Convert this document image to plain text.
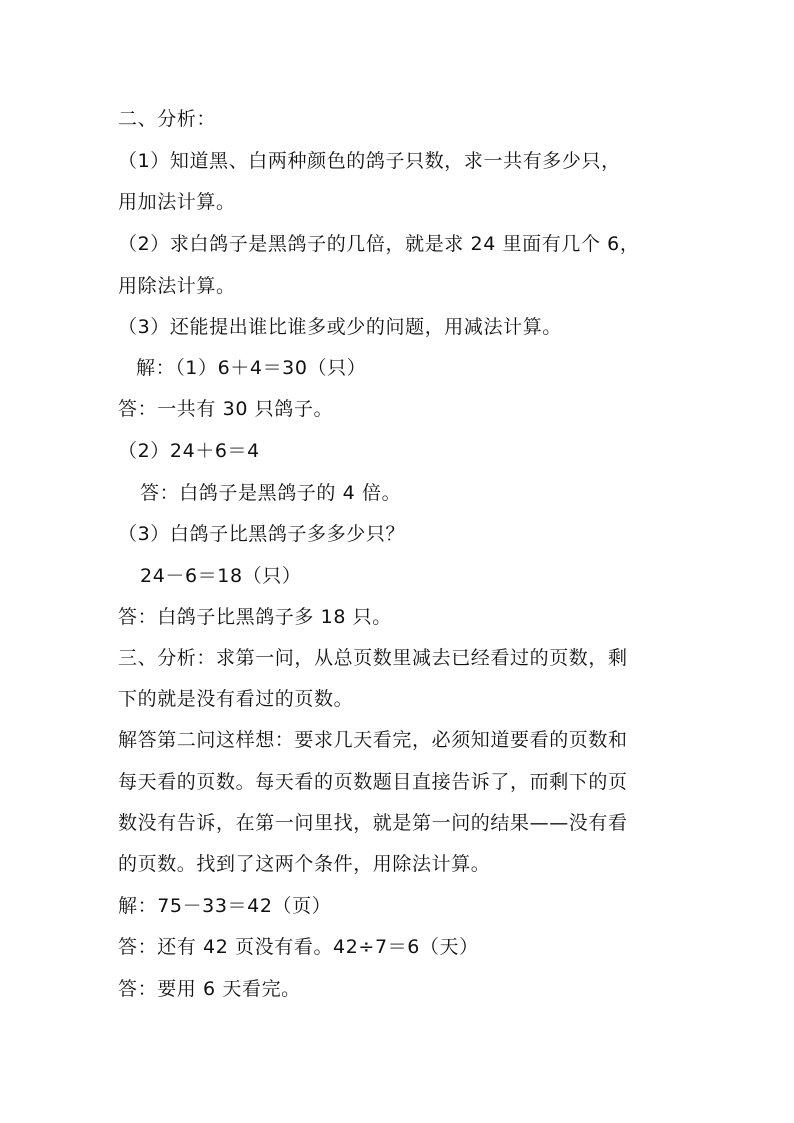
二、分析：
（1）知道黑、白两种颜色的鸽子只数，求一共有多少只，
用加法计算。
（2）求白鸽子是黑鸽子的几倍，就是求 24 里面有几个 6，
用除法计算。
（3）还能提出谁比谁多或少的问题，用减法计算。
解：（1）6＋4＝30（只）
答：一共有 30 只鸽子。
（2）24＋6＝4
答：白鸽子是黑鸽子的 4 倍。
（3）白鸽子比黑鸽子多多少只？
24－6＝18（只）
答：白鸽子比黑鸽子多 18 只。
三、分析：求第一问，从总页数里减去已经看过的页数，剩
下的就是没有看过的页数。
解答第二问这样想：要求几天看完，必须知道要看的页数和
每天看的页数。每天看的页数题目直接告诉了，而剩下的页
数没有告诉，在第一问里找，就是第一问的结果——没有看
的页数。找到了这两个条件，用除法计算。
解：75－33＝42（页）
答：还有 42 页没有看。42÷7＝6（天）
答：要用 6 天看完。
